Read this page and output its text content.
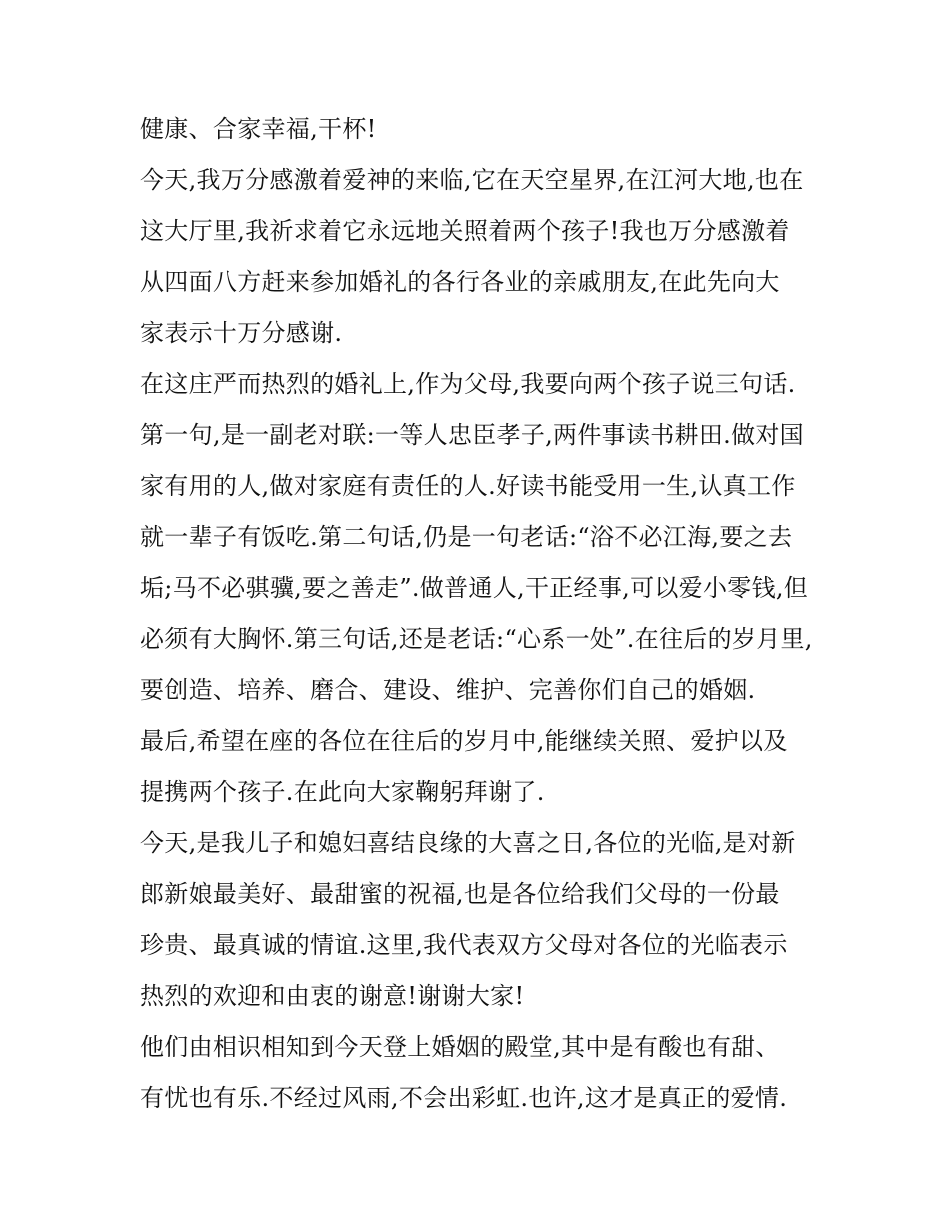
健康、合家幸福,干杯!
今天,我万分感激着爱神的来临,它在天空星界,在江河大地,也在
这大厅里,我祈求着它永远地关照着两个孩子!我也万分感激着
从四面八方赶来参加婚礼的各行各业的亲戚朋友,在此先向大
家表示十万分感谢.
在这庄严而热烈的婚礼上,作为父母,我要向两个孩子说三句话.
第一句,是一副老对联:一等人忠臣孝子,两件事读书耕田.做对国
家有用的人,做对家庭有责任的人.好读书能受用一生,认真工作
就一辈子有饭吃.第二句话,仍是一句老话:“浴不必江海,要之去
垢;马不必骐骥,要之善走”.做普通人,干正经事,可以爱小零钱,但
必须有大胸怀.第三句话,还是老话:“心系一处”.在往后的岁月里,
要创造、培养、磨合、建设、维护、完善你们自己的婚姻.
最后,希望在座的各位在往后的岁月中,能继续关照、爱护以及
提携两个孩子.在此向大家鞠躬拜谢了.
今天,是我儿子和媳妇喜结良缘的大喜之日,各位的光临,是对新
郎新娘最美好、最甜蜜的祝福,也是各位给我们父母的一份最
珍贵、最真诚的情谊.这里,我代表双方父母对各位的光临表示
热烈的欢迎和由衷的谢意!谢谢大家!
他们由相识相知到今天登上婚姻的殿堂,其中是有酸也有甜、
有忧也有乐.不经过风雨,不会出彩虹.也许,这才是真正的爱情.
